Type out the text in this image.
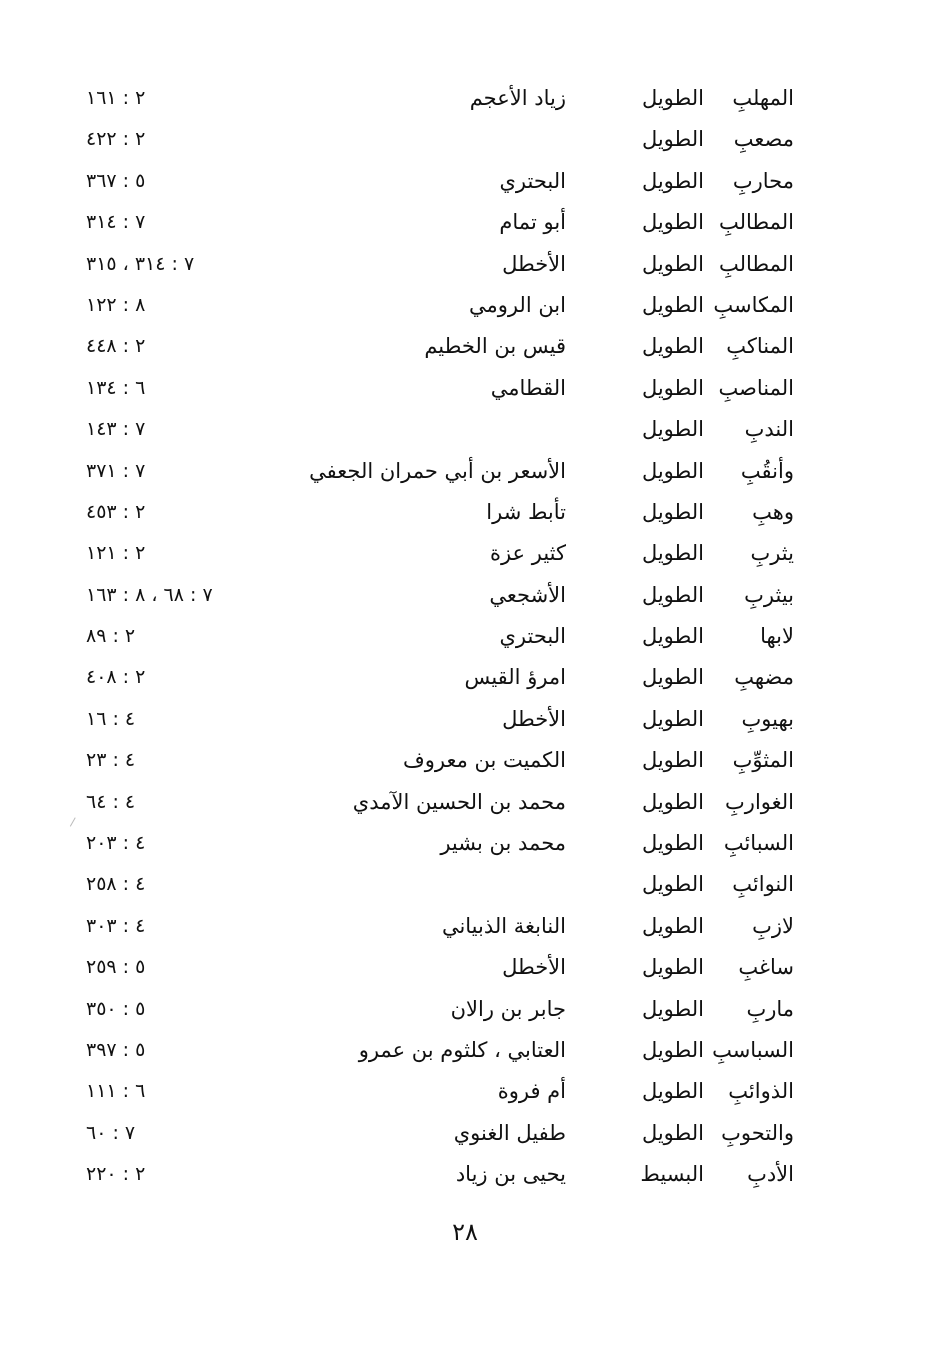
المهلبِ
الطويل
زياد الأعجم
٢ : ١٦١
مصعبِ
الطويل
٢ : ٤٢٢
محاربِ
الطويل
البحتري
٥ : ٣٦٧
المطالبِ
الطويل
أبو تمام
٧ : ٣١٤
المطالبِ
الطويل
الأخطل
٧ : ٣١٤ ، ٣١٥
المكاسبِ
الطويل
ابن الرومي
٨ : ١٢٢
المناكبِ
الطويل
قيس بن الخطيم
٢ : ٤٤٨
المناصبِ
الطويل
القطامي
٦ : ١٣٤
الندبِ
الطويل
٧ : ١٤٣
وأنقُبِ
الطويل
الأسعر بن أبي حمران الجعفي
٧ : ٣٧١
وهبِ
الطويل
تأبط شرا
٢ : ٤٥٣
يثربِ
الطويل
كثير عزة
٢ : ١٢١
بيثربِ
الطويل
الأشجعي
٧ : ٦٨ ، ٨ : ١٦٣
لابها
الطويل
البحتري
٢ : ٨٩
مضهبِ
الطويل
امرؤ القيس
٢ : ٤٠٨
بهيوبِ
الطويل
الأخطل
٤ : ١٦
المثوِّبِ
الطويل
الكميت بن معروف
٤ : ٢٣
الغواربِ
الطويل
محمد بن الحسين الآمدي
٤ : ٦٤
السبائبِ
الطويل
محمد بن بشير
٤ : ٢٠٣
النوائبِ
الطويل
٤ : ٢٥٨
لازبِ
الطويل
النابغة الذبياني
٤ : ٣٠٣
ساغبِ
الطويل
الأخطل
٥ : ٢٥٩
ماربِ
الطويل
جابر بن رالان
٥ : ٣٥٠
السباسبِ
الطويل
العتابي ، كلثوم بن عمرو
٥ : ٣٩٧
الذوائبِ
الطويل
أم فروة
٦ : ١١١
والتحوبِ
الطويل
طفيل الغنوي
٧ : ٦٠
الأدبِ
البسيط
يحيى بن زياد
٢ : ٢٢٠
٢٨
